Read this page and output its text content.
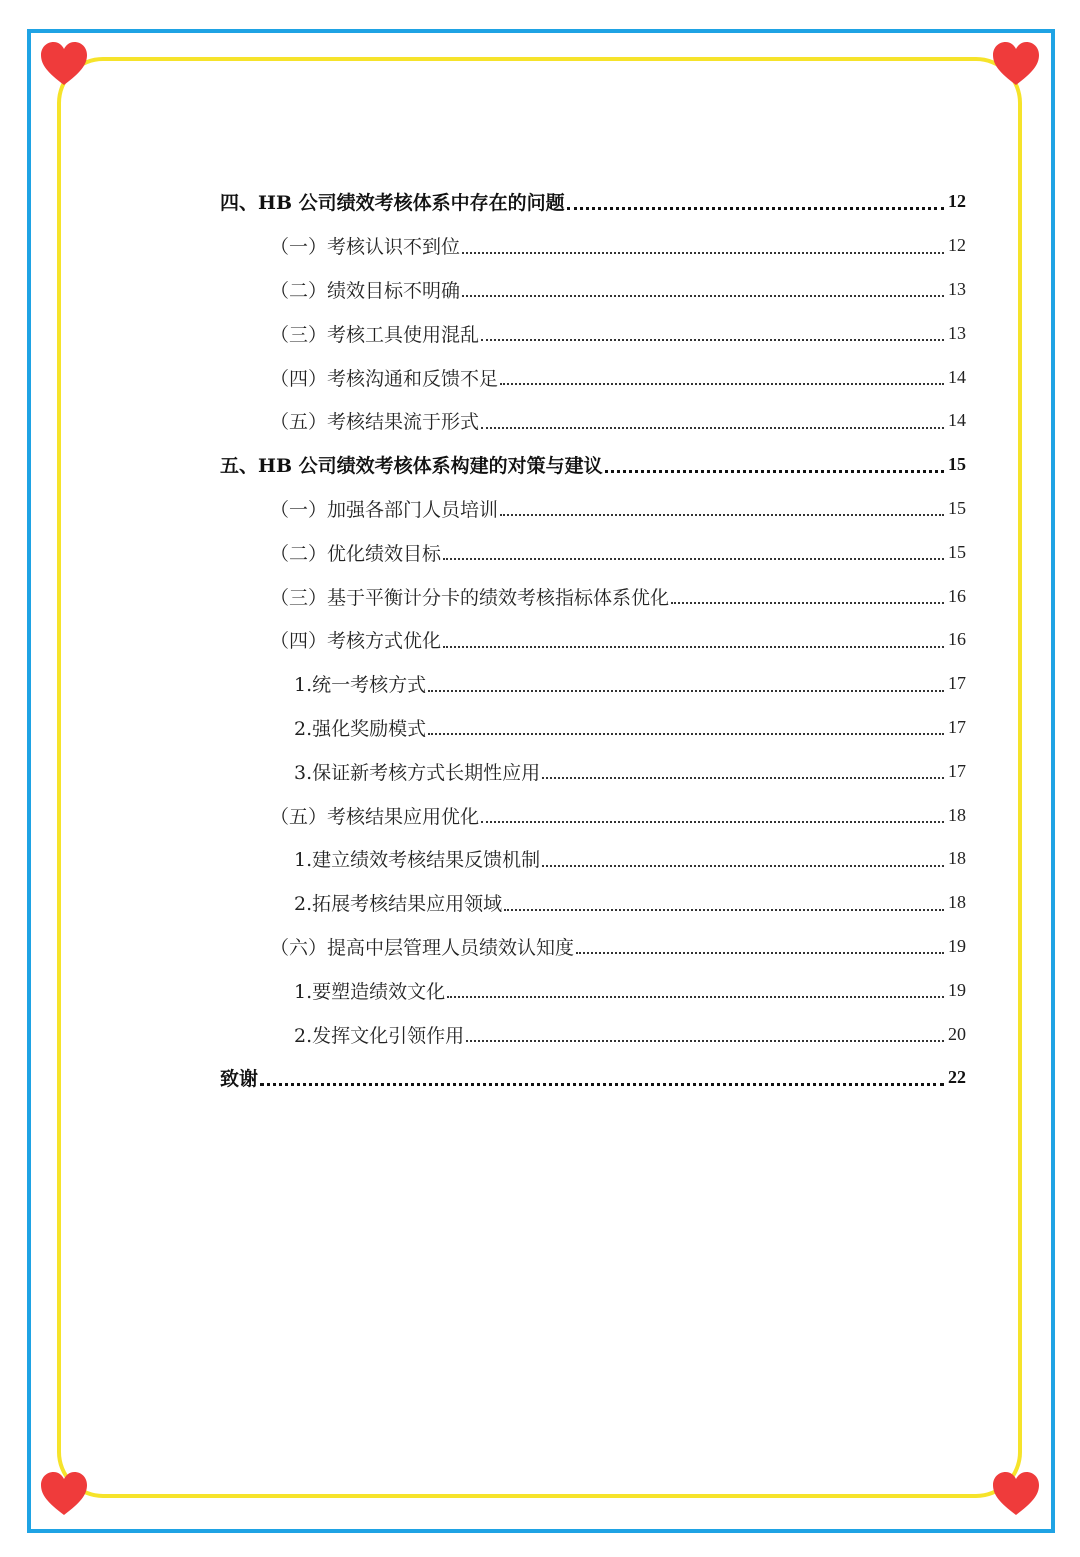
四、HB 公司绩效考核体系中存在的问题	12
（一）考核认识不到位	12
（二）绩效目标不明确	13
（三）考核工具使用混乱	13
（四）考核沟通和反馈不足	14
（五）考核结果流于形式	14
五、HB 公司绩效考核体系构建的对策与建议	15
（一）加强各部门人员培训	15
（二）优化绩效目标	15
（三）基于平衡计分卡的绩效考核指标体系优化	16
（四）考核方式优化	16
1.统一考核方式	17
2.强化奖励模式	17
3.保证新考核方式长期性应用	17
（五）考核结果应用优化	18
1.建立绩效考核结果反馈机制	18
2.拓展考核结果应用领域	18
（六）提高中层管理人员绩效认知度	19
1.要塑造绩效文化	19
2.发挥文化引领作用	20
致谢	22
